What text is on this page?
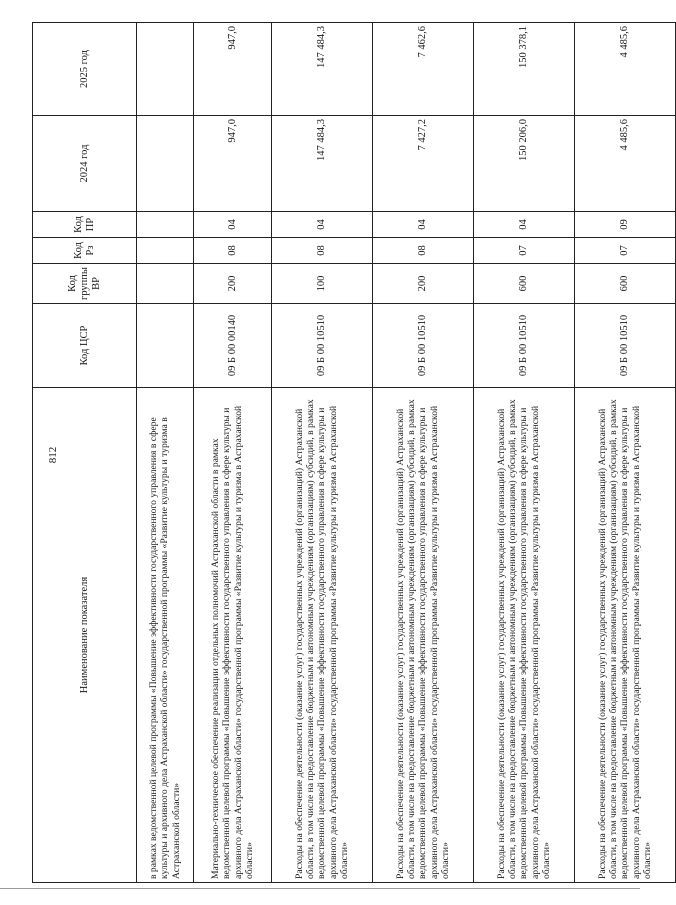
812
Наименование показателя	Код ЦСР	Код группы ВР	Код Рз	Код ПР	2024 год	2025 год
в рамках ведомственной целевой программы «Повышение эффективности государственного управления в сфере культуры и архивного дела Астраханской области» государственной программы «Развитие культуры и туризма в Астраханской области»						
Материально-техническое обеспечение реализации отдельных полномочий Астраханской области в рамках ведомственной целевой программы «Повышение эффективности государственного управления в сфере культуры и архивного дела Астраханской области» государственной программы «Развитие культуры и туризма в Астраханской области»	09 Б 00 00140	200	08	04	947,0	947,0
Расходы на обеспечение деятельности (оказание услуг) государственных учреждений (организаций) Астраханской области, в том числе на предоставление бюджетным и автономным учреждениям (организациям) субсидий, в рамках ведомственной целевой программы «Повышение эффективности государственного управления в сфере культуры и архивного дела Астраханской области» государственной программы «Развитие культуры и туризма в Астраханской области»	09 Б 00 10510	100	08	04	147 484,3	147 484,3
Расходы на обеспечение деятельности (оказание услуг) государственных учреждений (организаций) Астраханской области, в том числе на предоставление бюджетным и автономным учреждениям (организациям) субсидий, в рамках ведомственной целевой программы «Повышение эффективности государственного управления в сфере культуры и архивного дела Астраханской области» государственной программы «Развитие культуры и туризма в Астраханской области»	09 Б 00 10510	200	08	04	7 427,2	7 462,6
Расходы на обеспечение деятельности (оказание услуг) государственных учреждений (организаций) Астраханской области, в том числе на предоставление бюджетным и автономным учреждениям (организациям) субсидий, в рамках ведомственной целевой программы «Повышение эффективности государственного управления в сфере культуры и архивного дела Астраханской области» государственной программы «Развитие культуры и туризма в Астраханской области»	09 Б 00 10510	600	07	04	150 206,0	150 378,1
Расходы на обеспечение деятельности (оказание услуг) государственных учреждений (организаций) Астраханской области, в том числе на предоставление бюджетным и автономным учреждениям (организациям) субсидий, в рамках ведомственной целевой программы «Повышение эффективности государственного управления в сфере культуры и архивного дела Астраханской области» государственной программы «Развитие культуры и туризма в Астраханской области»	09 Б 00 10510	600	07	09	4 485,6	4 485,6
